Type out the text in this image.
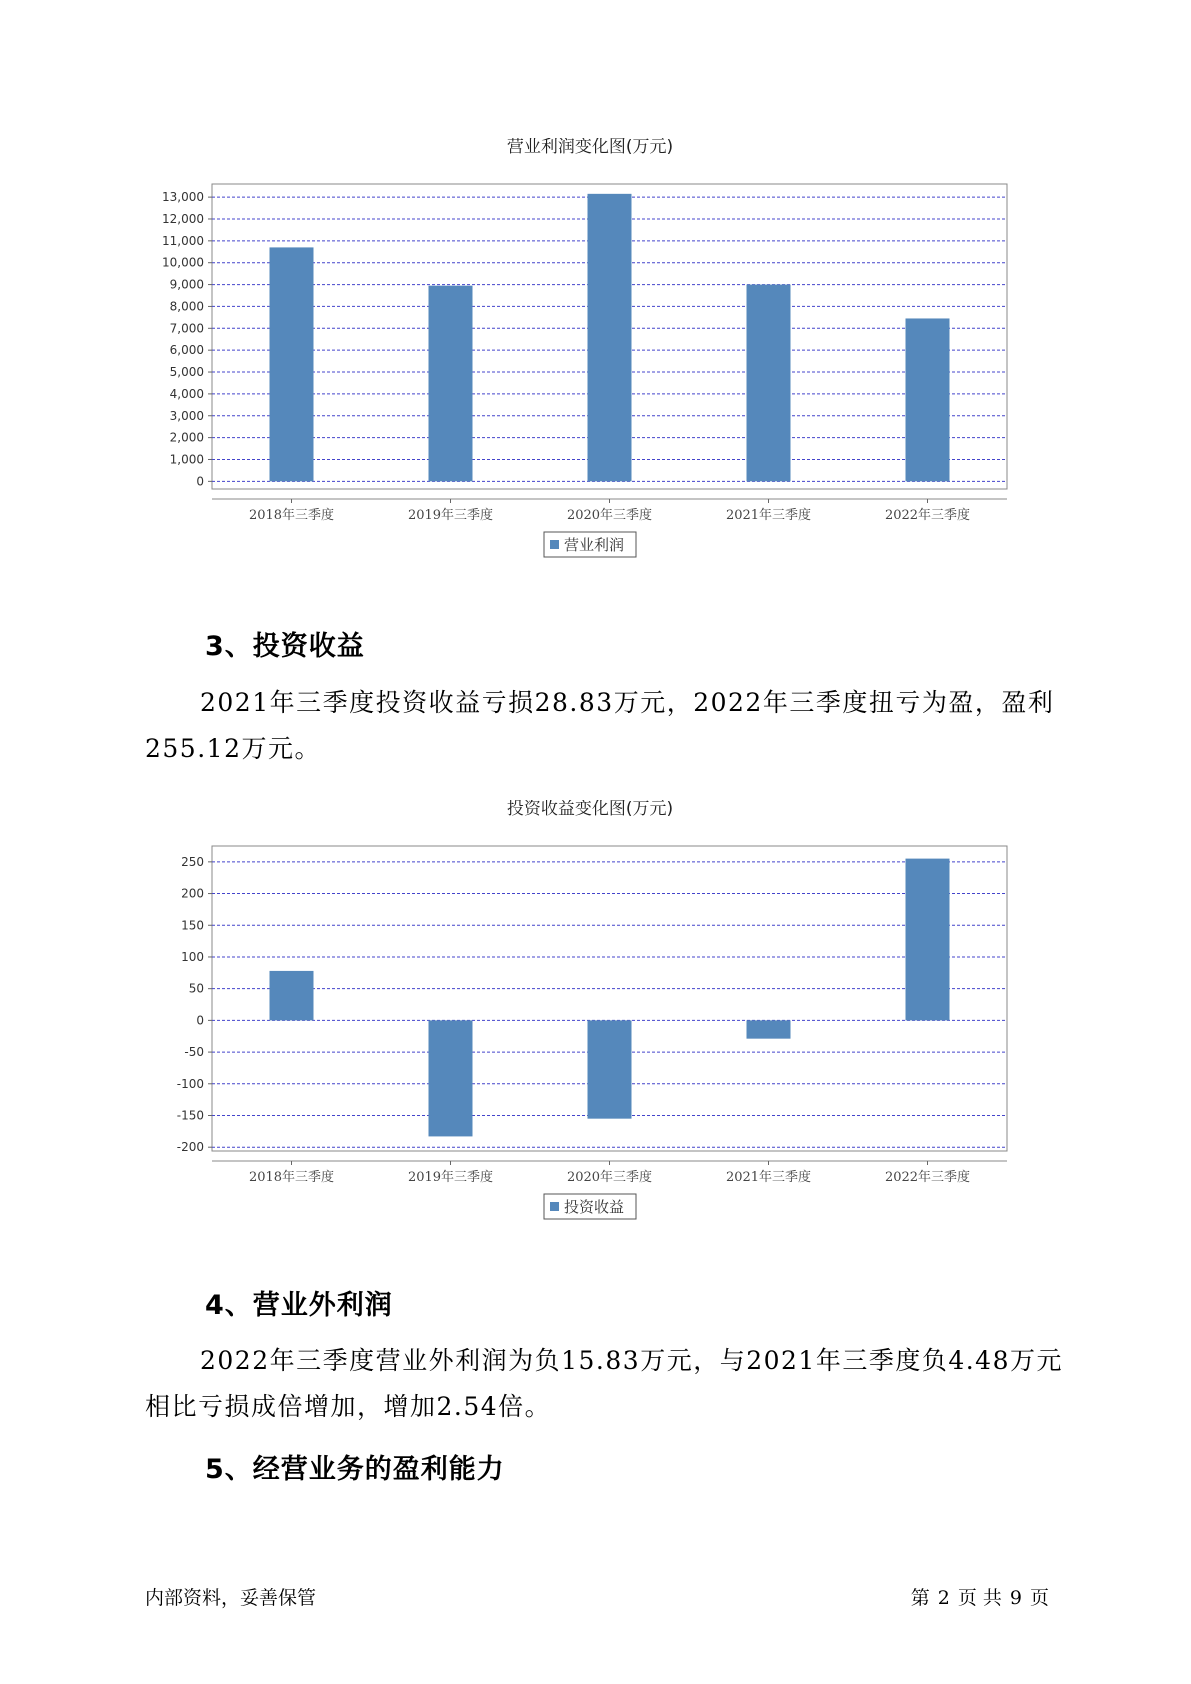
营业利润变化图(万元)
0
1,000
2,000
3,000
4,000
5,000
6,000
7,000
8,000
9,000
10,000
11,000
12,000
13,000
2018年三季度	2019年三季度	2020年三季度	2021年三季度	2022年三季度
营业利润
3、投资收益
2021年三季度投资收益亏损28.83万元，2022年三季度扭亏为盈，盈利
255.12万元。
投资收益变化图(万元)
-200
-150
-100
-50
0
50
100
150
200
250
2018年三季度	2019年三季度	2020年三季度	2021年三季度	2022年三季度
投资收益
4、营业外利润
2022年三季度营业外利润为负15.83万元，与2021年三季度负4.48万元
相比亏损成倍增加，增加2.54倍。
5、经营业务的盈利能力
内部资料，妥善保管	第 2 页 共 9 页
